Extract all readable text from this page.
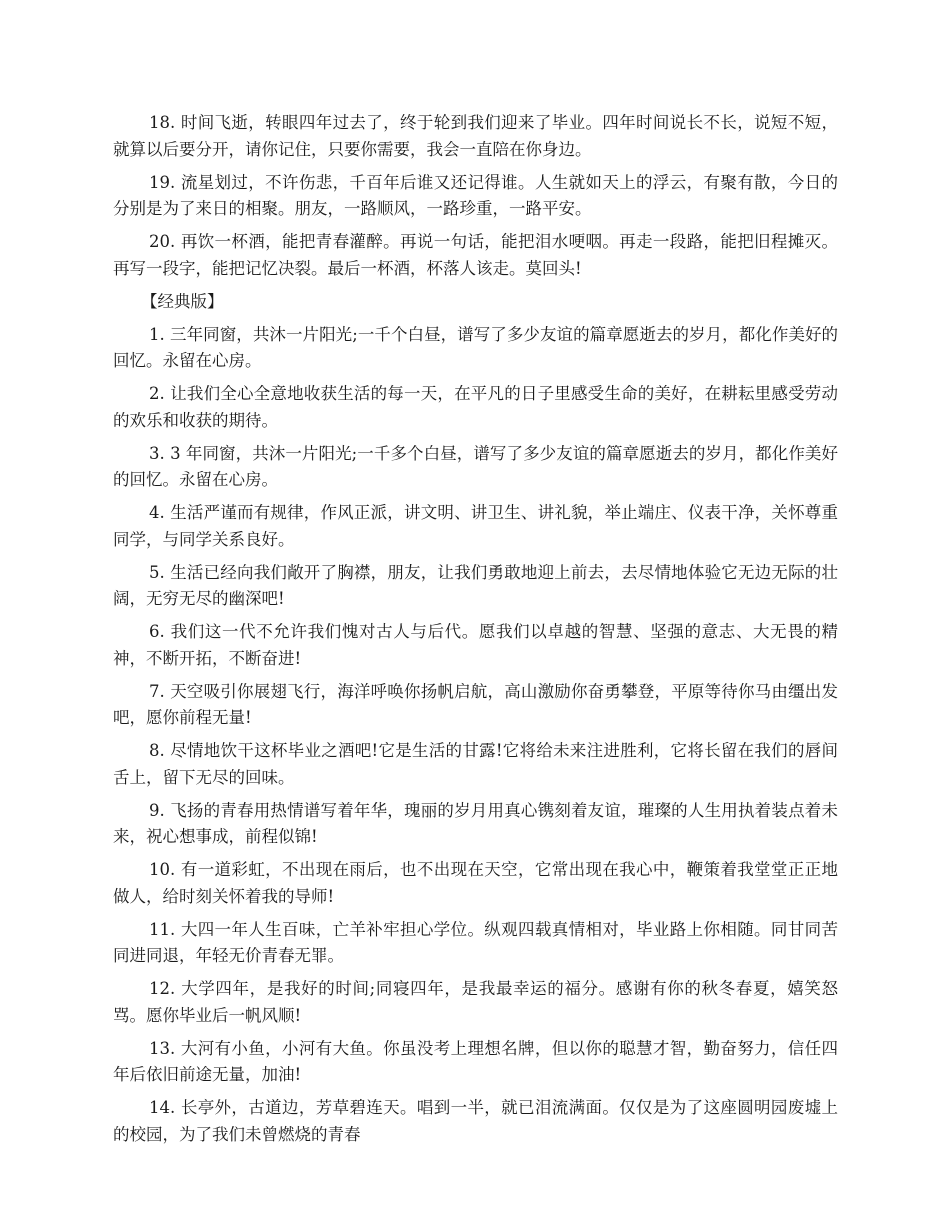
18. 时间飞逝，转眼四年过去了，终于轮到我们迎来了毕业。四年时间说长不长，说短不短，就算以后要分开，请你记住，只要你需要，我会一直陪在你身边。

19. 流星划过，不许伤悲，千百年后谁又还记得谁。人生就如天上的浮云，有聚有散，今日的分别是为了来日的相聚。朋友，一路顺风，一路珍重，一路平安。

20. 再饮一杯酒，能把青春灌醉。再说一句话，能把泪水哽咽。再走一段路，能把旧程摊灭。再写一段字，能把记忆决裂。最后一杯酒，杯落人该走。莫回头!

【经典版】

1. 三年同窗，共沐一片阳光;一千个白昼，谱写了多少友谊的篇章愿逝去的岁月，都化作美好的回忆。永留在心房。

2. 让我们全心全意地收获生活的每一天，在平凡的日子里感受生命的美好，在耕耘里感受劳动的欢乐和收获的期待。

3. 3 年同窗，共沐一片阳光;一千多个白昼，谱写了多少友谊的篇章愿逝去的岁月，都化作美好的回忆。永留在心房。

4. 生活严谨而有规律，作风正派，讲文明、讲卫生、讲礼貌，举止端庄、仪表干净，关怀尊重同学，与同学关系良好。

5. 生活已经向我们敞开了胸襟，朋友，让我们勇敢地迎上前去，去尽情地体验它无边无际的壮阔，无穷无尽的幽深吧!

6. 我们这一代不允许我们愧对古人与后代。愿我们以卓越的智慧、坚强的意志、大无畏的精神，不断开拓，不断奋进!

7. 天空吸引你展翅飞行，海洋呼唤你扬帆启航，高山激励你奋勇攀登，平原等待你马由缰出发吧，愿你前程无量!

8. 尽情地饮干这杯毕业之酒吧!它是生活的甘露!它将给未来注进胜利，它将长留在我们的唇间舌上，留下无尽的回味。

9. 飞扬的青春用热情谱写着年华，瑰丽的岁月用真心镌刻着友谊，璀璨的人生用执着装点着未来，祝心想事成，前程似锦!

10. 有一道彩虹，不出现在雨后，也不出现在天空，它常出现在我心中，鞭策着我堂堂正正地做人，给时刻关怀着我的导师!

11. 大四一年人生百味，亡羊补牢担心学位。纵观四载真情相对，毕业路上你相随。同甘同苦同进同退，年轻无价青春无罪。

12. 大学四年，是我好的时间;同寝四年，是我最幸运的福分。感谢有你的秋冬春夏，嬉笑怒骂。愿你毕业后一帆风顺!

13. 大河有小鱼，小河有大鱼。你虽没考上理想名牌，但以你的聪慧才智，勤奋努力，信任四年后依旧前途无量，加油!

14. 长亭外，古道边，芳草碧连天。唱到一半，就已泪流满面。仅仅是为了这座圆明园废墟上的校园，为了我们未曾燃烧的青春
